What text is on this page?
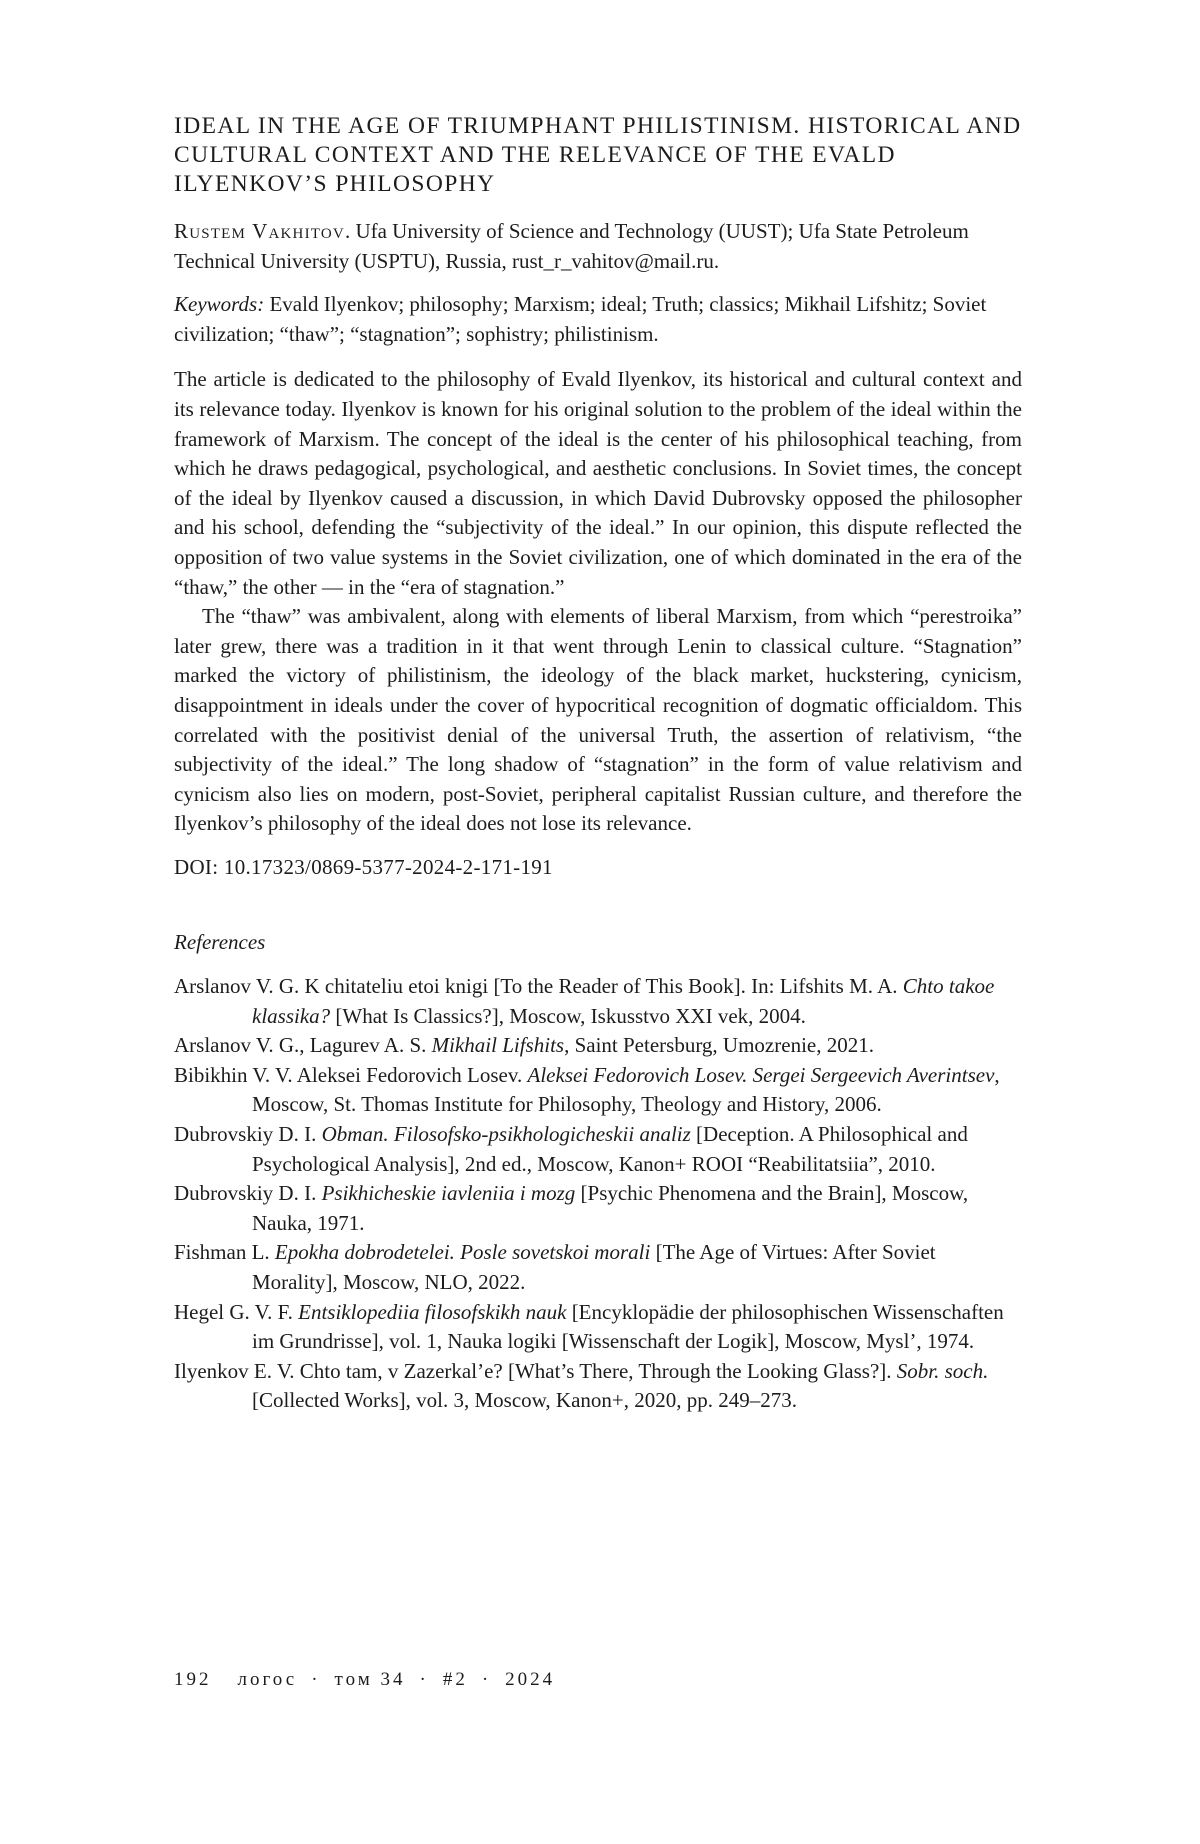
IDEAL IN THE AGE OF TRIUMPHANT PHILISTINISM. HISTORICAL AND CULTURAL CONTEXT AND THE RELEVANCE OF THE EVALD ILYENKOV’S PHILOSOPHY

Rustem Vakhitov. Ufa University of Science and Technology (UUST); Ufa State Petroleum Technical University (USPTU), Russia, rust_r_vahitov@mail.ru.

Keywords: Evald Ilyenkov; philosophy; Marxism; ideal; Truth; classics; Mikhail Lifshitz; Soviet civilization; “thaw”; “stagnation”; sophistry; philistinism.

The article is dedicated to the philosophy of Evald Ilyenkov, its historical and cultural context and its relevance today. Ilyenkov is known for his original solution to the problem of the ideal within the framework of Marxism. The concept of the ideal is the center of his philosophical teaching, from which he draws pedagogical, psychological, and aesthetic conclusions. In Soviet times, the concept of the ideal by Ilyenkov caused a discussion, in which David Dubrovsky opposed the philosopher and his school, defending the “subjectivity of the ideal.” In our opinion, this dispute reflected the opposition of two value systems in the Soviet civilization, one of which dominated in the era of the “thaw,” the other — in the “era of stagnation.”

The “thaw” was ambivalent, along with elements of liberal Marxism, from which “perestroika” later grew, there was a tradition in it that went through Lenin to classical culture. “Stagnation” marked the victory of philistinism, the ideology of the black market, huckstering, cynicism, disappointment in ideals under the cover of hypocritical recognition of dogmatic officialdom. This correlated with the positivist denial of the universal Truth, the assertion of relativism, “the subjectivity of the ideal.” The long shadow of “stagnation” in the form of value relativism and cynicism also lies on modern, post-Soviet, peripheral capitalist Russian culture, and therefore the Ilyenkov’s philosophy of the ideal does not lose its relevance.

DOI: 10.17323/0869-5377-2024-2-171-191

References

Arslanov V. G. K chitateliu etoi knigi [To the Reader of This Book]. In: Lifshits M. A. Chto takoe klassika? [What Is Classics?], Moscow, Iskusstvo XXI vek, 2004.
Arslanov V. G., Lagurev A. S. Mikhail Lifshits, Saint Petersburg, Umozrenie, 2021.
Bibikhin V. V. Aleksei Fedorovich Losev. Aleksei Fedorovich Losev. Sergei Sergeevich Averintsev, Moscow, St. Thomas Institute for Philosophy, Theology and History, 2006.
Dubrovskiy D. I. Obman. Filosofsko-psikhologicheskii analiz [Deception. A Philosophical and Psychological Analysis], 2nd ed., Moscow, Kanon+ ROOI “Reabilitatsiia”, 2010.
Dubrovskiy D. I. Psikhicheskie iavleniia i mozg [Psychic Phenomena and the Brain], Moscow, Nauka, 1971.
Fishman L. Epokha dobrodetelei. Posle sovetskoi morali [The Age of Virtues: After Soviet Morality], Moscow, NLO, 2022.
Hegel G. V. F. Entsiklopediia filosofskikh nauk [Encyklopädie der philosophischen Wissenschaften im Grundrisse], vol. 1, Nauka logiki [Wissenschaft der Logik], Moscow, Mysl’, 1974.
Ilyenkov E. V. Chto tam, v Zazerkal’e? [What’s There, Through the Looking Glass?]. Sobr. soch. [Collected Works], vol. 3, Moscow, Kanon+, 2020, pp. 249–273.
192 логос · том 34 · #2 · 2024
